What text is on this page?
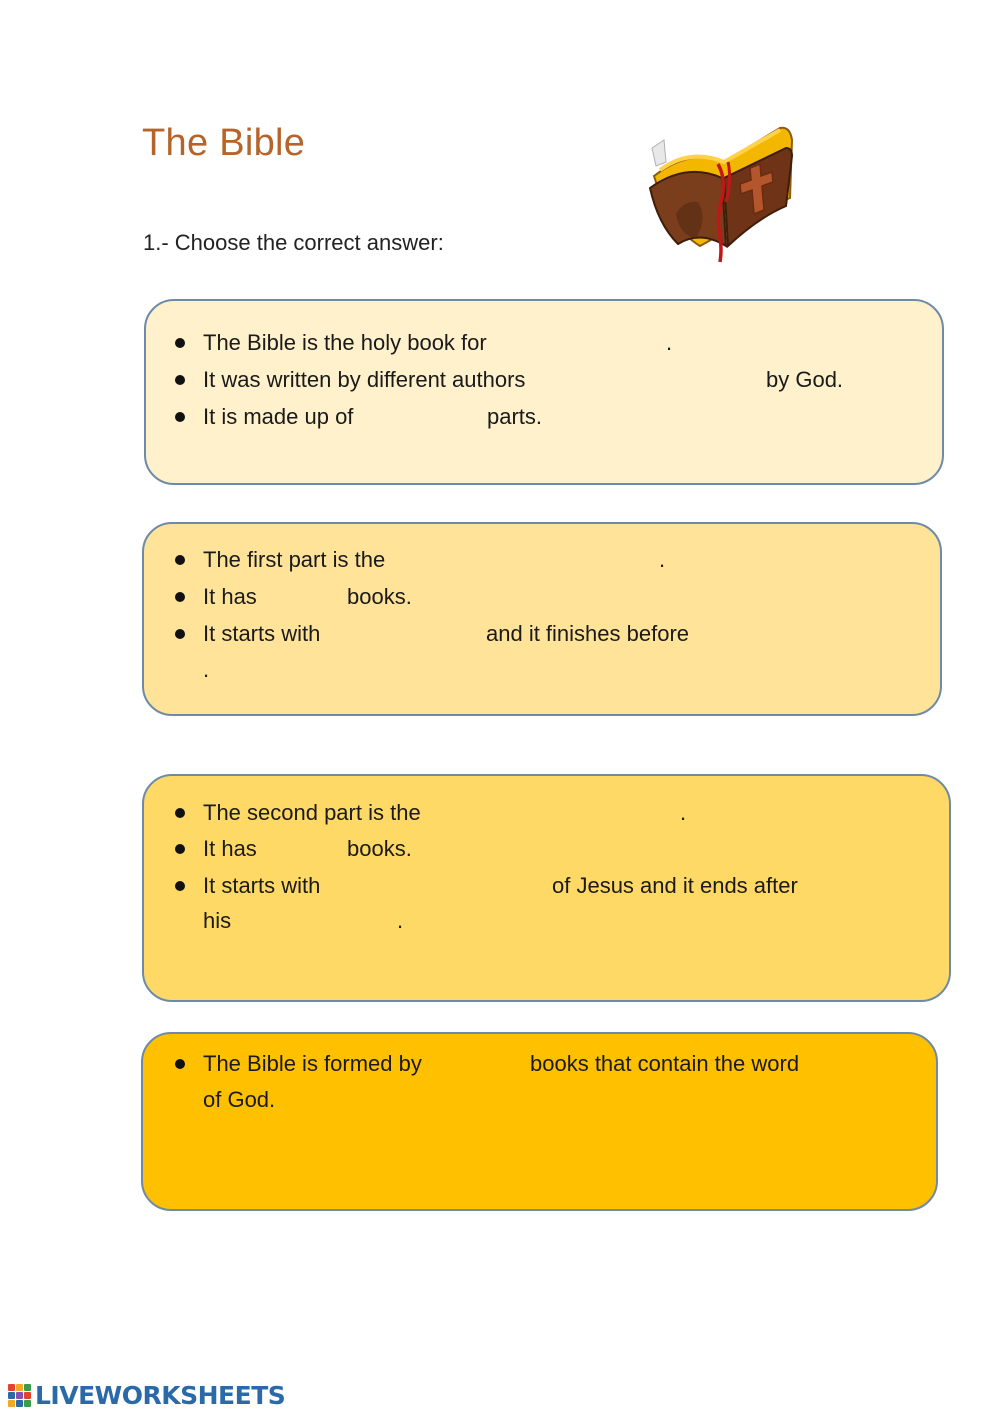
The Bible
1.- Choose the correct answer:
The Bible is the holy book for	.
It was written by different authors	by God.
It is made up of	parts.
The first part is the	.
It has	books.
It starts with	and it finishes before
.
The second part is the	.
It has	books.
It starts with	of Jesus and it ends after
his	.
The Bible is formed by	books that contain the word
of God.
LIVEWORKSHEETS
